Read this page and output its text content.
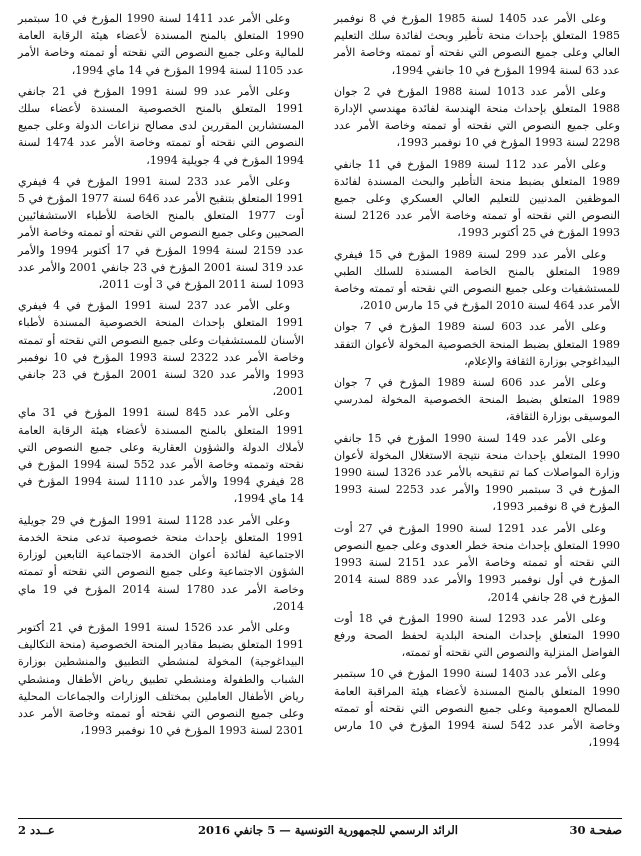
وعلى الأمر عدد 1405 لسنة 1985 المؤرخ في 8 نوفمبر 1985 المتعلق بإحداث منحة تأطير وبحث لفائدة سلك التعليم العالي وعلى جميع النصوص التي نقحته أو تممته وخاصة الأمر عدد 63 لسنة 1994 المؤرخ في 10 جانفي 1994،

وعلى الأمر عدد 1013 لسنة 1988 المؤرخ في 2 جوان 1988 المتعلق بإحداث منحة الهندسة لفائدة مهندسي الإدارة وعلى جميع النصوص التي نقحته أو تممته وخاصة الأمر عدد 2298 لسنة 1993 المؤرخ في 10 نوفمبر 1993،

وعلى الأمر عدد 112 لسنة 1989 المؤرخ في 11 جانفي 1989 المتعلق بضبط منحة التأطير والبحث المسندة لفائدة الموظفين المدنيين للتعليم العالي العسكري وعلى جميع النصوص التي نقحته أو تممته وخاصة الأمر عدد 2126 لسنة 1993 المؤرخ في 25 أكتوبر 1993،

وعلى الأمر عدد 299 لسنة 1989 المؤرخ في 15 فيفري 1989 المتعلق بالمنح الخاصة المسندة للسلك الطبي للمستشفيات وعلى جميع النصوص التي نقحته أو تممته وخاصة الأمر عدد 464 لسنة 2010 المؤرخ في 15 مارس 2010،

وعلى الأمر عدد 603 لسنة 1989 المؤرخ في 7 جوان 1989 المتعلق بضبط المنحة الخصوصية المخولة لأعوان التفقد البيداغوجي بوزارة الثقافة والإعلام،

وعلى الأمر عدد 606 لسنة 1989 المؤرخ في 7 جوان 1989 المتعلق بضبط المنحة الخصوصية المخولة لمدرسي الموسيقى بوزارة الثقافة،

وعلى الأمر عدد 149 لسنة 1990 المؤرخ في 15 جانفي 1990 المتعلق بإحداث منحة نتيجة الاستغلال المخولة لأعوان وزارة المواصلات كما تم تنقيحه بالأمر عدد 1326 لسنة 1990 المؤرخ في 3 سبتمبر 1990 والأمر عدد 2253 لسنة 1993 المؤرخ في 8 نوفمبر 1993،

وعلى الأمر عدد 1291 لسنة 1990 المؤرخ في 27 أوت 1990 المتعلق بإحداث منحة خطر العدوى وعلى جميع النصوص التي نقحته أو تممته وخاصة الأمر عدد 2151 لسنة 1993 المؤرخ في أول نوفمبر 1993 والأمر عدد 889 لسنة 2014 المؤرخ في 28 جانفي 2014،

وعلى الأمر عدد 1293 لسنة 1990 المؤرخ في 18 أوت 1990 المتعلق بإحداث المنحة البلدية لحفظ الصحة ورفع الفواضل المنزلية والنصوص التي نقحته أو تممته،

وعلى الأمر عدد 1403 لسنة 1990 المؤرخ في 10 سبتمبر 1990 المتعلق بالمنح المسندة لأعضاء هيئة المراقبة العامة للمصالح العمومية وعلى جميع النصوص التي نقحته أو تممته وخاصة الأمر عدد 542 لسنة 1994 المؤرخ في 10 مارس 1994،

وعلى الأمر عدد 1411 لسنة 1990 المؤرخ في 10 سبتمبر 1990 المتعلق بالمنح المسندة لأعضاء هيئة الرقابة العامة للمالية وعلى جميع النصوص التي نقحته أو تممته وخاصة الأمر عدد 1105 لسنة 1994 المؤرخ في 14 ماي 1994،

وعلى الأمر عدد 99 لسنة 1991 المؤرخ في 21 جانفي 1991 المتعلق بالمنح الخصوصية المسندة لأعضاء سلك المستشارين المقررين لدى مصالح نزاعات الدولة وعلى جميع النصوص التي نقحته أو تممته وخاصة الأمر عدد 1474 لسنة 1994 المؤرخ في 4 جويلية 1994،

وعلى الأمر عدد 233 لسنة 1991 المؤرخ في 4 فيفري 1991 المتعلق بتنقيح الأمر عدد 646 لسنة 1977 المؤرخ في 5 أوت 1977 المتعلق بالمنح الخاصة للأطباء الاستشفائيين الصحيين وعلى جميع النصوص التي نقحته أو تممته وخاصة الأمر عدد 2159 لسنة 1994 المؤرخ في 17 أكتوبر 1994 والأمر عدد 319 لسنة 2001 المؤرخ في 23 جانفي 2001 والأمر عدد 1093 لسنة 2011 المؤرخ في 3 أوت 2011،

وعلى الأمر عدد 237 لسنة 1991 المؤرخ في 4 فيفري 1991 المتعلق بإحداث المنحة الخصوصية المسندة لأطباء الأسنان للمستشفيات وعلى جميع النصوص التي نقحته أو تممته وخاصة الأمر عدد 2322 لسنة 1993 المؤرخ في 10 نوفمبر 1993 والأمر عدد 320 لسنة 2001 المؤرخ في 23 جانفي 2001،

وعلى الأمر عدد 845 لسنة 1991 المؤرخ في 31 ماي 1991 المتعلق بالمنح المسندة لأعضاء هيئة الرقابة العامة لأملاك الدولة والشؤون العقارية وعلى جميع النصوص التي نقحته وتممته وخاصة الأمر عدد 552 لسنة 1994 المؤرخ في 28 فيفري 1994 والأمر عدد 1110 لسنة 1994 المؤرخ في 14 ماي 1994،

وعلى الأمر عدد 1128 لسنة 1991 المؤرخ في 29 جويلية 1991 المتعلق بإحداث منحة خصوصية تدعى منحة الخدمة الاجتماعية لفائدة أعوان الخدمة الاجتماعية التابعين لوزارة الشؤون الاجتماعية وعلى جميع النصوص التي نقحته أو تممته وخاصة الأمر عدد 1780 لسنة 2014 المؤرخ في 19 ماي 2014،

وعلى الأمر عدد 1526 لسنة 1991 المؤرخ في 21 أكتوبر 1991 المتعلق بضبط مقادير المنحة الخصوصية (منحة التكاليف البيداغوجية) المخولة لمنشطي التطبيق والمنشطين بوزارة الشباب والطفولة ومنشطي تطبيق رياض الأطفال ومنشطي رياض الأطفال العاملين بمختلف الوزارات والجماعات المحلية وعلى جميع النصوص التي نقحته أو تممته وخاصة الأمر عدد 2301 لسنة 1993 المؤرخ في 10 نوفمبر 1993،

صفحـة 30
الرائد الرسمي للجمهورية التونسية — 5 جانفي 2016
عــدد 2
